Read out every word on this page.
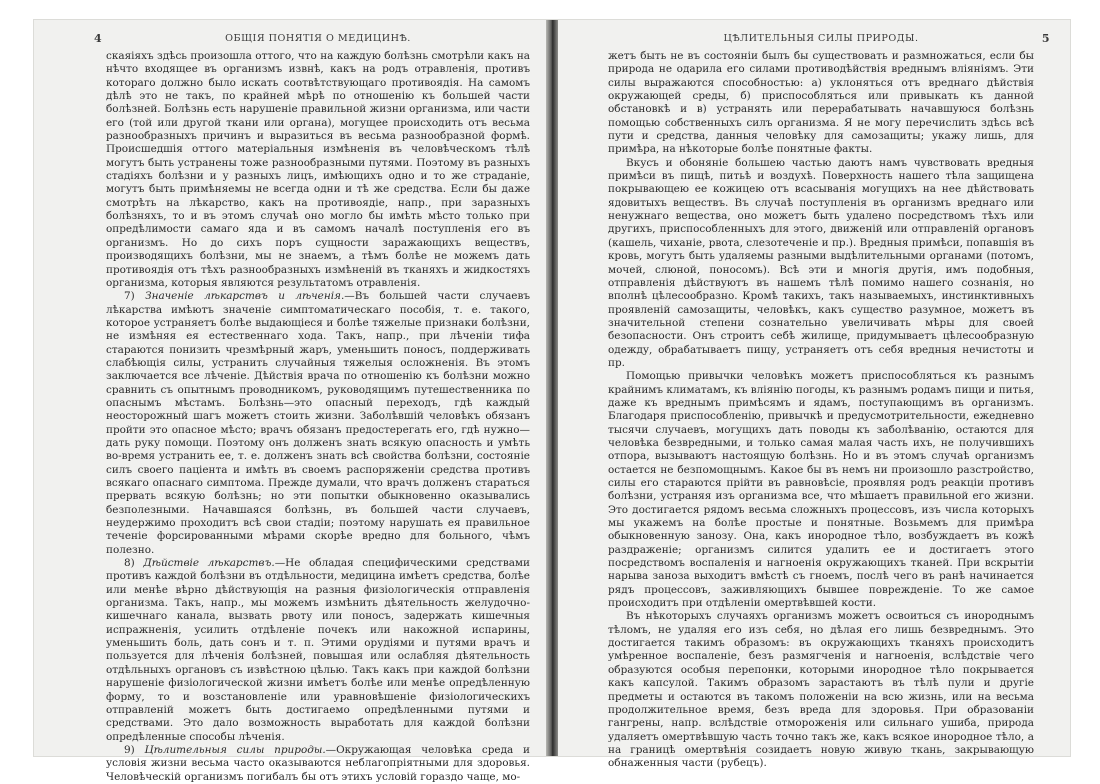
4	ОБЩІЯ ПОНЯТІЯ О МЕДИЦИНѢ.

скаяіяхъ здѣсь произошла оттого, что на каждую болѣзнь смотрѣли какъ на нѣчто входящее въ организмъ извнѣ, какъ на родъ отравленія, противъ котораго должно было искать соотвѣтствующаго противоядія. На самомъ дѣлѣ это не такъ, по крайней мѣрѣ по отношенію къ большей части болѣзней. Болѣзнь есть нарушеніе правильной жизни организма, или части его (той или другой ткани или органа), могущее происходить отъ весьма разнообразныхъ причинъ и выразиться въ весьма разнообразной формѣ. Происшедшія оттого матеріальныя измѣненія въ человѣческомъ тѣлѣ могутъ быть устранены тоже разнообразными путями. Поэтому въ разныхъ стадіяхъ болѣзни и у разныхъ лицъ, имѣющихъ одно и то же страданіе, могутъ быть примѣняемы не всегда одни и тѣ же средства. Если бы даже смотрѣть на лѣкарство, какъ на противоядіе, напр., при заразныхъ болѣзняхъ, то и въ этомъ случаѣ оно могло бы имѣть мѣсто только при опредѣлимости самаго яда и въ самомъ началѣ поступленія его въ организмъ. Но до сихъ поръ сущности заражающихъ веществъ, производящихъ болѣзни, мы не знаемъ, а тѣмъ болѣе не можемъ дать противоядія отъ тѣхъ разнообразныхъ измѣненій въ тканяхъ и жидкостяхъ организма, которыя являются результатомъ отравленія.

7) Значеніе лѣкарствъ и лѣченія.—Въ большей части случаевъ лѣкарства имѣютъ значеніе симптоматическаго пособія, т. е. такого, которое устраняетъ болѣе выдающіеся и болѣе тяжелые признаки болѣзни, не измѣняя ея естественнаго хода. Такъ, напр., при лѣченіи тифа стараются понизить чрезмѣрный жаръ, уменьшить поносъ, поддерживать слабѣющія силы, устранить случайныя тяжелыя осложненія. Въ этомъ заключается все лѣченіе. Дѣйствія врача по отношенію къ болѣзни можно сравнить съ опытнымъ проводникомъ, руководящимъ путешественника по опаснымъ мѣстамъ. Болѣзнь—это опасный переходъ, гдѣ каждый неосторожный шагъ можетъ стоить жизни. Заболѣвшій человѣкъ обязанъ пройти это опасное мѣсто; врачъ обязанъ предостерегать его, гдѣ нужно—дать руку помощи. Поэтому онъ долженъ знать всякую опасность и умѣть во-время устранить ее, т. е. долженъ знать всѣ свойства болѣзни, состояніе силъ своего паціента и имѣть въ своемъ распоряженіи средства противъ всякаго опаснаго симптома. Прежде думали, что врачъ долженъ стараться прервать всякую болѣзнь; но эти попытки обыкновенно оказывались безполезными. Начавшаяся болѣзнь, въ большей части случаевъ, неудержимо проходитъ всѣ свои стадіи; поэтому нарушать ея правильное теченіе форсированными мѣрами скорѣе вредно для больного, чѣмъ полезно.

8) Дѣйствіе лѣкарствъ.—Не обладая специфическими средствами противъ каждой болѣзни въ отдѣльности, медицина имѣетъ средства, болѣе или менѣе вѣрно дѣйствующія на разныя физіологическія отправленія организма. Такъ, напр., мы можемъ измѣнить дѣятельность желудочно-кишечнаго канала, вызвать рвоту или поносъ, задержать кишечныя испражненія, усилить отдѣленіе почекъ или накожной испарины, уменьшить боль, дать сонъ и т. п. Этими орудіями и путями врачъ и пользуется для лѣченія болѣзней, повышая или ослабляя дѣятельность отдѣльныхъ органовъ съ извѣстною цѣлью. Такъ какъ при каждой болѣзни нарушеніе физіологической жизни имѣетъ болѣе или менѣе опредѣленную форму, то и возстановленіе или уравновѣшеніе физіологическихъ отправленій можетъ быть достигаемо опредѣленными путями и средствами. Это дало возможность выработать для каждой болѣзни опредѣленные способы лѣченія.

9) Цѣлительныя силы природы.—Окружающая человѣка среда и условія жизни весьма часто оказываются неблагопріятными для здоровья. Человѣческій организмъ погибалъ бы отъ этихъ условій гораздо чаще, мо-

ЦѢЛИТЕЛЬНЫЯ СИЛЫ ПРИРОДЫ.	5

жетъ быть не въ состояніи былъ бы существовать и размножаться, если бы природа не одарила его силами противодѣйствія вреднымъ вліяніямъ. Эти силы выражаются способностью: а) уклоняться отъ вреднаго дѣйствія окружающей среды, б) приспособляться или привыкать къ данной обстановкѣ и в) устранять или перерабатывать начавшуюся болѣзнь помощью собственныхъ силъ организма. Я не могу перечислить здѣсь всѣ пути и средства, данныя человѣку для самозащиты; укажу лишь, для примѣра, на нѣкоторые болѣе понятные факты.

Вкусъ и обоняніе большею частью даютъ намъ чувствовать вредныя примѣси въ пищѣ, питьѣ и воздухѣ. Поверхность нашего тѣла защищена покрывающею ее кожицею отъ всасыванія могущихъ на нее дѣйствовать ядовитыхъ веществъ. Въ случаѣ поступленія въ организмъ вреднаго или ненужнаго вещества, оно можетъ быть удалено посредствомъ тѣхъ или другихъ, приспособленныхъ для этого, движеній или отправленій органовъ (кашель, чиханіе, рвота, слезотеченіе и пр.). Вредныя примѣси, попавшія въ кровь, могутъ быть удаляемы разными выдѣлительными органами (потомъ, мочей, слюной, поносомъ). Всѣ эти и многія другія, имъ подобныя, отправленія дѣйствуютъ въ нашемъ тѣлѣ помимо нашего сознанія, но вполнѣ цѣлесообразно. Кромѣ такихъ, такъ называемыхъ, инстинктивныхъ проявленій самозащиты, человѣкъ, какъ существо разумное, можетъ въ значительной степени сознательно увеличивать мѣры для своей безопасности. Онъ строитъ себѣ жилище, придумываетъ цѣлесообразную одежду, обрабатываетъ пищу, устраняетъ отъ себя вредныя нечистоты и пр.

Помощью привычки человѣкъ можетъ приспособляться къ разнымъ крайнимъ климатамъ, къ вліянію погоды, къ разнымъ родамъ пищи и питья, даже къ вреднымъ примѣсямъ и ядамъ, поступающимъ въ организмъ. Благодаря приспособленію, привычкѣ и предусмотрительности, ежедневно тысячи случаевъ, могущихъ дать поводы къ заболѣванію, остаются для человѣка безвредными, и только самая малая часть ихъ, не получившихъ отпора, вызываютъ настоящую болѣзнь. Но и въ этомъ случаѣ организмъ остается не безпомощнымъ. Какое бы въ немъ ни произошло разстройство, силы его стараются прійти въ равновѣсіе, проявляя родъ реакціи противъ болѣзни, устраняя изъ организма все, что мѣшаетъ правильной его жизни. Это достигается рядомъ весьма сложныхъ процессовъ, изъ числа которыхъ мы укажемъ на болѣе простые и понятные. Возьмемъ для примѣра обыкновенную занозу. Она, какъ инородное тѣло, возбуждаетъ въ кожѣ раздраженіе; организмъ силится удалить ее и достигаетъ этого посредствомъ воспаленія и нагноенія окружающихъ тканей. При вскрытіи нарыва заноза выходитъ вмѣстѣ съ гноемъ, послѣ чего въ ранѣ начинается рядъ процессовъ, заживляющихъ бывшее поврежденіе. То же самое происходитъ при отдѣленіи омертвѣвшей кости.

Въ нѣкоторыхъ случаяхъ организмъ можетъ освоиться съ инороднымъ тѣломъ, не удаляя его изъ себя, но дѣлая его лишь безвреднымъ. Это достигается такимъ образомъ: въ окружающихъ тканяхъ происходитъ умѣренное воспаленіе, безъ размягченія и нагноенія, вслѣдствіе чего образуются особыя перепонки, которыми инородное тѣло покрывается какъ капсулой. Такимъ образомъ зарастаютъ въ тѣлѣ пули и другіе предметы и остаются въ такомъ положеніи на всю жизнь, или на весьма продолжительное время, безъ вреда для здоровья. При образованіи гангрены, напр. вслѣдствіе отмороженія или сильнаго ушиба, природа удаляетъ омертвѣвшую часть точно такъ же, какъ всякое инородное тѣло, а на границѣ омертвѣнія созидаетъ новую живую ткань, закрывающую обнаженныя части (рубецъ).
